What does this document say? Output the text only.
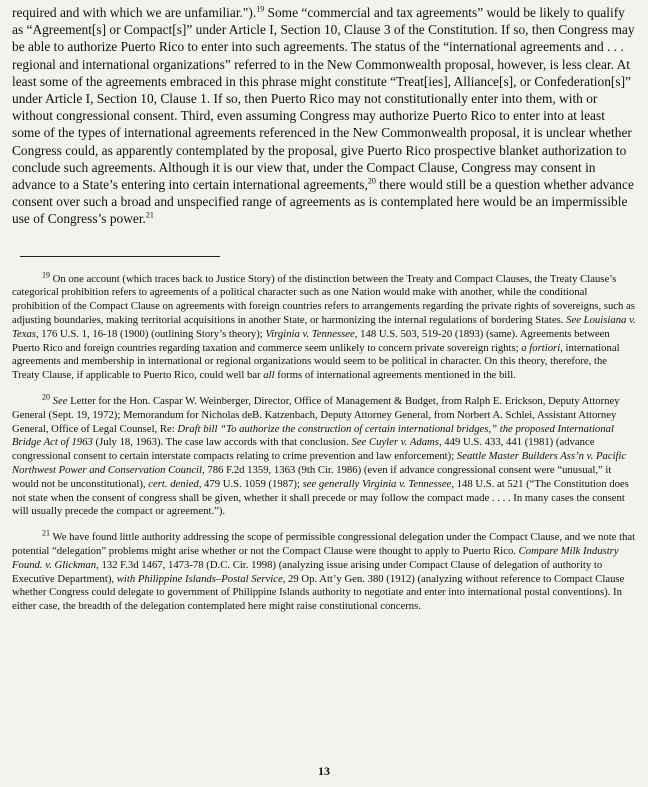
required and with which we are unfamiliar.").$^{19}$ Some “commercial and tax agreements” would be likely to qualify as “Agreement[s] or Compact[s]” under Article I, Section 10, Clause 3 of the Constitution. If so, then Congress may be able to authorize Puerto Rico to enter into such agreements. The status of the “international agreements and . . . regional and international organizations” referred to in the New Commonwealth proposal, however, is less clear. At least some of the agreements embraced in this phrase might constitute “Treat[ies], Alliance[s], or Confederation[s]” under Article I, Section 10, Clause 1. If so, then Puerto Rico may not constitutionally enter into them, with or without congressional consent. Third, even assuming Congress may authorize Puerto Rico to enter into at least some of the types of international agreements referenced in the New Commonwealth proposal, it is unclear whether Congress could, as apparently contemplated by the proposal, give Puerto Rico prospective blanket authorization to conclude such agreements. Although it is our view that, under the Compact Clause, Congress may consent in advance to a State’s entering into certain international agreements,$^{20}$ there would still be a question whether advance consent over such a broad and unspecified range of agreements as is contemplated here would be an impermissible use of Congress’s power.$^{21}$

$^{19}$ On one account (which traces back to Justice Story) of the distinction between the Treaty and Compact Clauses, the Treaty Clause’s categorical prohibition refers to agreements of a political character such as one Nation would make with another, while the conditional prohibition of the Compact Clause on agreements with foreign countries refers to arrangements regarding the private rights of sovereigns, such as adjusting boundaries, making territorial acquisitions in another State, or harmonizing the internal regulations of bordering States. See Louisiana v. Texas, 176 U.S. 1, 16-18 (1900) (outlining Story’s theory); Virginia v. Tennessee, 148 U.S. 503, 519-20 (1893) (same). Agreements between Puerto Rico and foreign countries regarding taxation and commerce seem unlikely to concern private sovereign rights; a fortiori, international agreements and membership in international or regional organizations would seem to be political in character. On this theory, therefore, the Treaty Clause, if applicable to Puerto Rico, could well bar all forms of international agreements mentioned in the bill.

$^{20}$ See Letter for the Hon. Caspar W. Weinberger, Director, Office of Management & Budget, from Ralph E. Erickson, Deputy Attorney General (Sept. 19, 1972); Memorandum for Nicholas deB. Katzenbach, Deputy Attorney General, from Norbert A. Schlei, Assistant Attorney General, Office of Legal Counsel, Re: Draft bill “To authorize the construction of certain international bridges,” the proposed International Bridge Act of 1963 (July 18, 1963). The case law accords with that conclusion. See Cuyler v. Adams, 449 U.S. 433, 441 (1981) (advance congressional consent to certain interstate compacts relating to crime prevention and law enforcement); Seattle Master Builders Ass’n v. Pacific Northwest Power and Conservation Council, 786 F.2d 1359, 1363 (9th Cir. 1986) (even if advance congressional consent were “unusual,” it would not be unconstitutional), cert. denied, 479 U.S. 1059 (1987); see generally Virginia v. Tennessee, 148 U.S. at 521 (“The Constitution does not state when the consent of congress shall be given, whether it shall precede or may follow the compact made . . . . In many cases the consent will usually precede the compact or agreement.”).

$^{21}$ We have found little authority addressing the scope of permissible congressional delegation under the Compact Clause, and we note that potential “delegation” problems might arise whether or not the Compact Clause were thought to apply to Puerto Rico. Compare Milk Industry Found. v. Glickman, 132 F.3d 1467, 1473-78 (D.C. Cir. 1998) (analyzing issue arising under Compact Clause of delegation of authority to Executive Department), with Philippine Islands–Postal Service, 29 Op. Att’y Gen. 380 (1912) (analyzing without reference to Compact Clause whether Congress could delegate to government of Philippine Islands authority to negotiate and enter into international postal conventions). In either case, the breadth of the delegation contemplated here might raise constitutional concerns.

13
